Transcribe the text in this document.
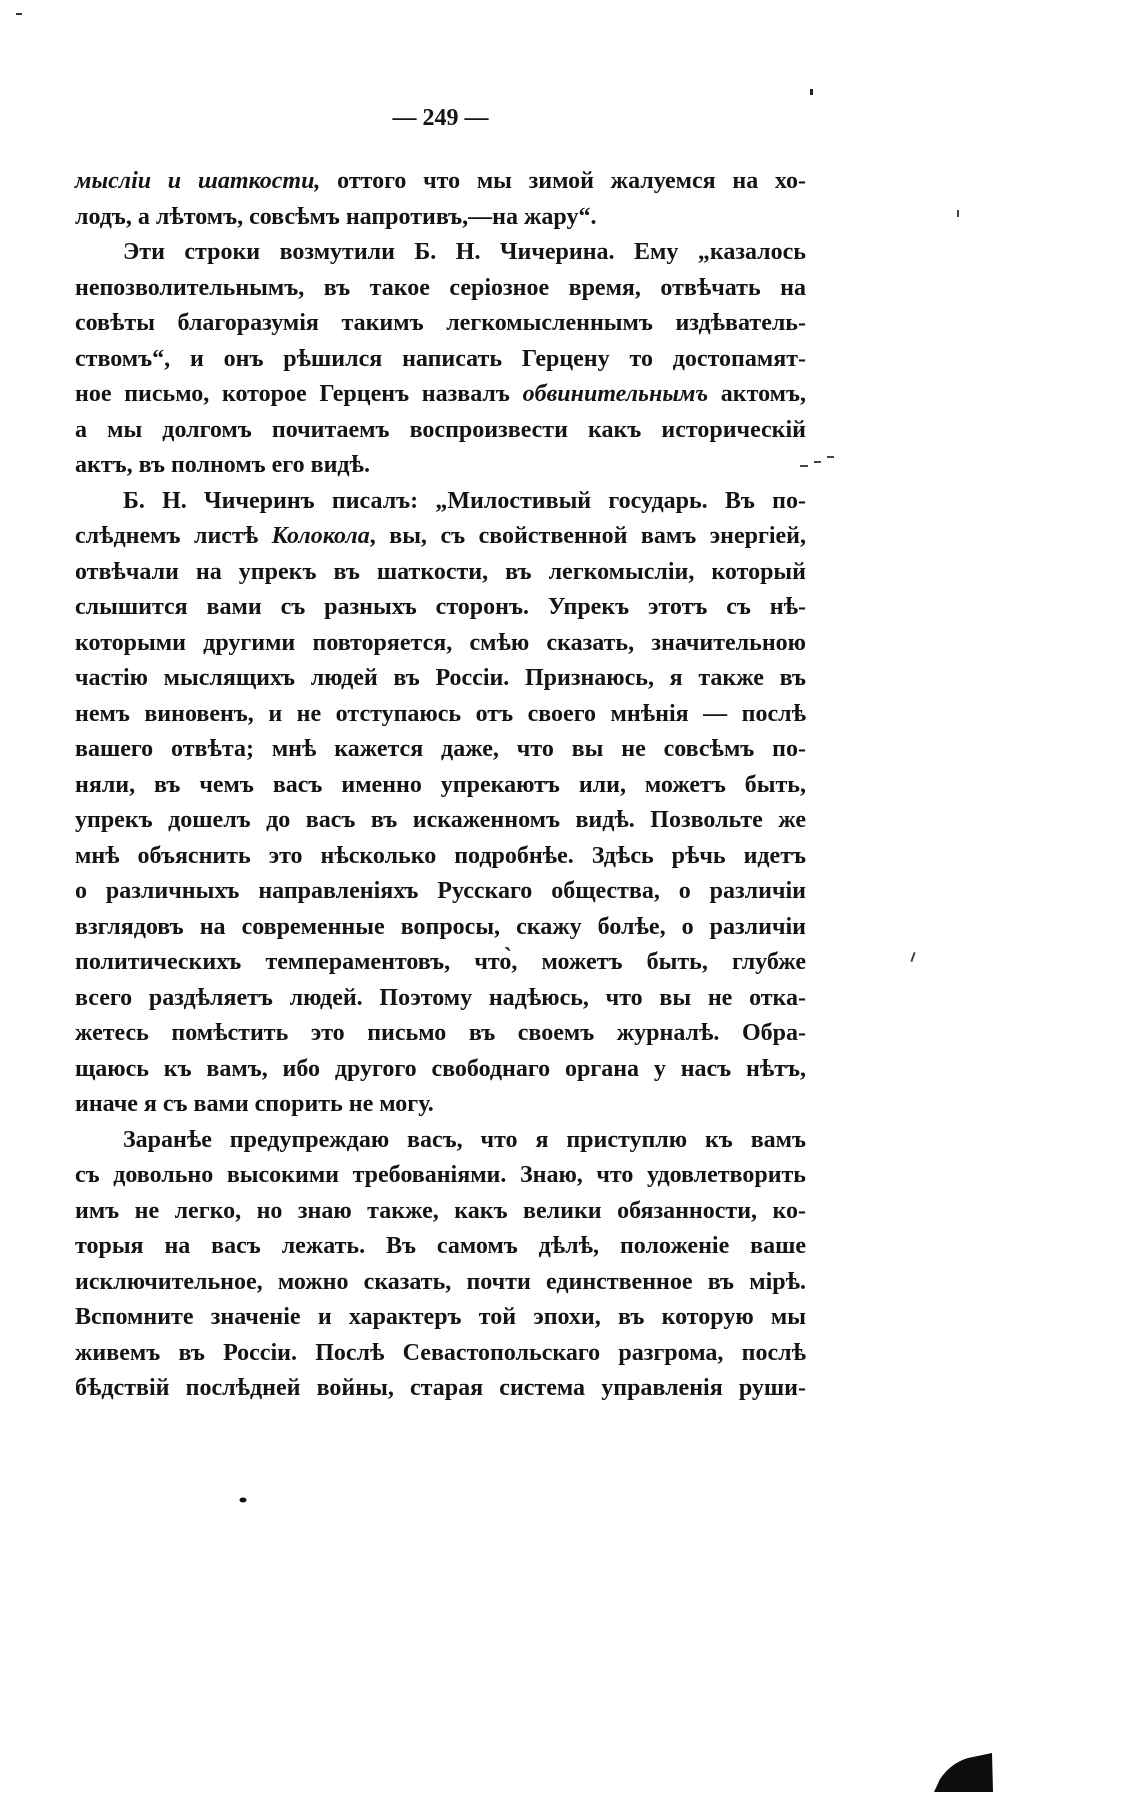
— 249 —
мысліи и шаткости, оттого что мы зимой жалуемся на хо-
лодъ, а лѣтомъ, совсѣмъ напротивъ,—на жару“.
Эти строки возмутили Б. Н. Чичерина. Ему „казалось
непозволительнымъ, въ такое серіозное время, отвѣчать на
совѣты благоразумія такимъ легкомысленнымъ издѣватель-
ствомъ“, и онъ рѣшился написать Герцену то достопамят-
ное письмо, которое Герценъ назвалъ обвинительнымъ актомъ,
а мы долгомъ почитаемъ воспроизвести какъ историческій
актъ, въ полномъ его видѣ.
Б. Н. Чичеринъ писалъ: „Милостивый государь. Въ по-
слѣднемъ листѣ Колокола, вы, съ свойственной вамъ энергіей,
отвѣчали на упрекъ въ шаткости, въ легкомысліи, который
слышится вами съ разныхъ сторонъ. Упрекъ этотъ съ нѣ-
которыми другими повторяется, смѣю сказать, значительною
частію мыслящихъ людей въ Россіи. Признаюсь, я также въ
немъ виновенъ, и не отступаюсь отъ своего мнѣнія — послѣ
вашего отвѣта; мнѣ кажется даже, что вы не совсѣмъ по-
няли, въ чемъ васъ именно упрекаютъ или, можетъ быть,
упрекъ дошелъ до васъ въ искаженномъ видѣ. Позвольте же
мнѣ объяснить это нѣсколько подробнѣе. Здѣсь рѣчь идетъ
о различныхъ направленіяхъ Русскаго общества, о различіи
взглядовъ на современные вопросы, скажу болѣе, о различіи
политическихъ темпераментовъ, что̀, можетъ быть, глубже
всего раздѣляетъ людей. Поэтому надѣюсь, что вы не отка-
жетесь помѣстить это письмо въ своемъ журналѣ. Обра-
щаюсь къ вамъ, ибо другого свободнаго органа у насъ нѣтъ,
иначе я съ вами спорить не могу.
Заранѣе предупреждаю васъ, что я приступлю къ вамъ
съ довольно высокими требованіями. Знаю, что удовлетворить
имъ не легко, но знаю также, какъ велики обязанности, ко-
торыя на васъ лежать. Въ самомъ дѣлѣ, положеніе ваше
исключительное, можно сказать, почти единственное въ мірѣ.
Вспомните значеніе и характеръ той эпохи, въ которую мы
живемъ въ Россіи. Послѣ Севастопольскаго разгрома, послѣ
бѣдствій послѣдней войны, старая система управленія руши-
